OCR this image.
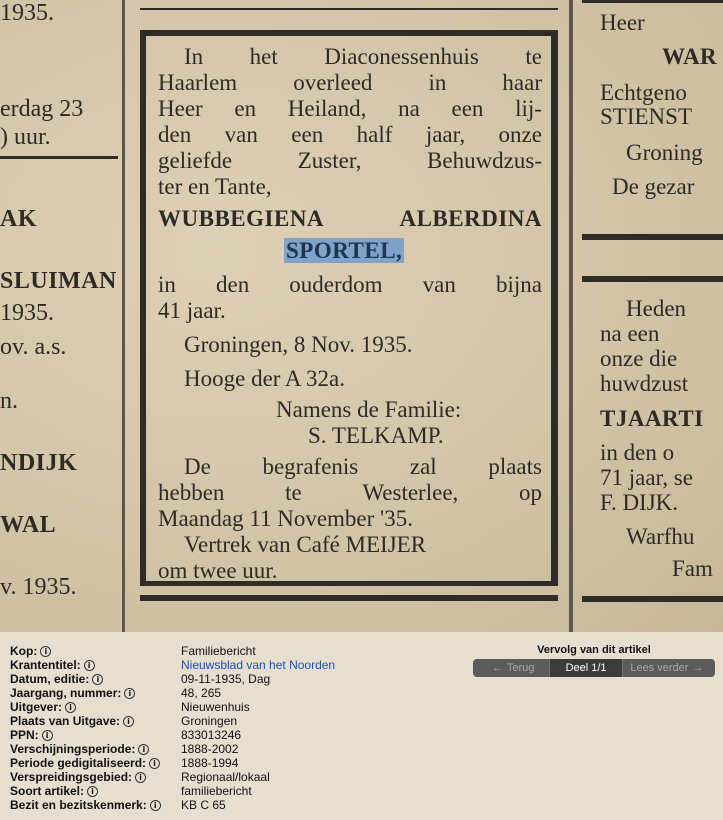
1935.
erdag 23
) uur.
AK
SLUIMAN
1935.
ov. a.s.
n.
NDIJK
WAL
v. 1935.
In het Diaconessenhuis te
Haarlem overleed in haar
Heer en Heiland, na een lij-
den van een half jaar, onze
geliefde	Zuster,	Behuwdzus-
ter en Tante,
WUBBEGIENA	ALBERDINA
SPORTEL,
in den ouderdom van bijna
41 jaar.
Groningen, 8 Nov. 1935.
Hooge der A 32a.
Namens de Familie:
S. TELKAMP.
De begrafenis zal plaats
hebben	te	Westerlee,	op
Maandag 11 November '35.
Vertrek van Café MEIJER
om twee uur.
Heer
WAR
Echtgeno
STIENST
Groning
De gezar
Heden
na een
onze die
huwdzust
TJAARTI
in den o
71 jaar, se
F. DIJK.
Warfhu
Fam
Kop: i	Familiebericht
Krantentitel: i	Nieuwsblad van het Noorden
Datum, editie: i	09-11-1935, Dag
Jaargang, nummer: i	48, 265
Uitgever: i	Nieuwenhuis
Plaats van Uitgave: i	Groningen
PPN: i	833013246
Verschijningsperiode: i	1888-2002
Periode gedigitaliseerd: i	1888-1994
Verspreidingsgebied: i	Regionaal/lokaal
Soort artikel: i	familiebericht
Bezit en bezitskenmerk: i	KB C 65
Vervolg van dit artikel
← Terug	Deel 1/1	Lees verder →
